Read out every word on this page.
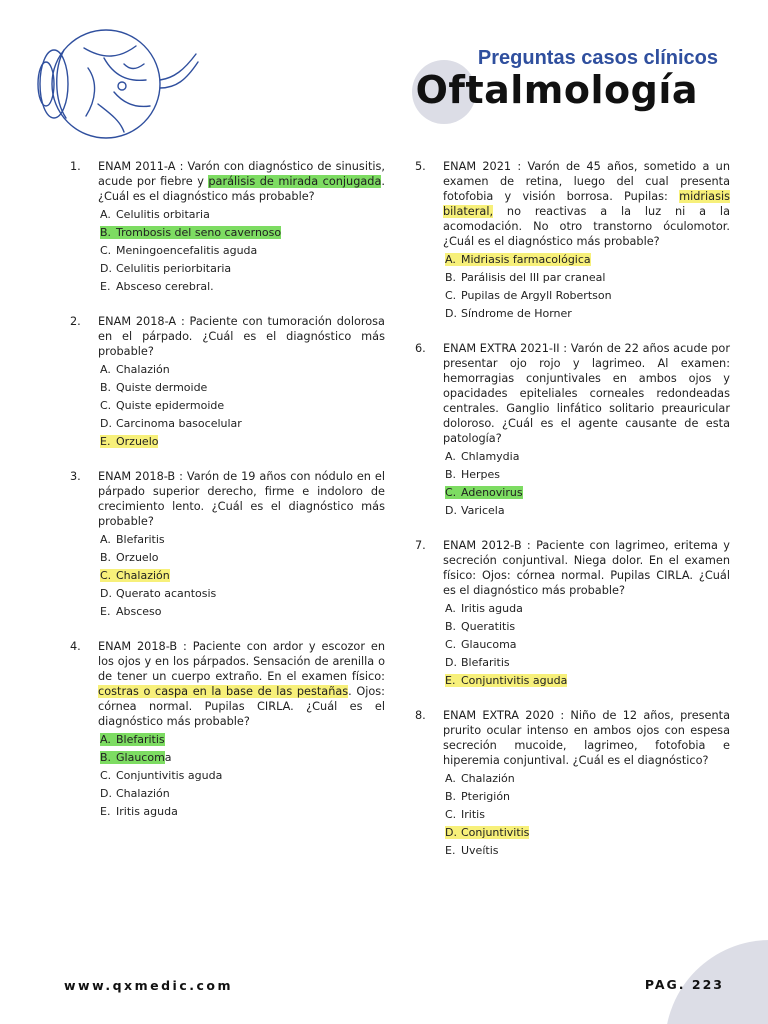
Preguntas casos clínicos
Oftalmología
1.	ENAM 2011-A : Varón con diagnóstico de sinusitis, acude por fiebre y parálisis de mirada conjugada. ¿Cuál es el diagnóstico más probable?
A. Celulitis orbitaria
B. Trombosis del seno cavernoso
C. Meningoencefalitis aguda
D. Celulitis periorbitaria
E. Absceso cerebral.
2.	ENAM 2018-A : Paciente con tumoración dolorosa en el párpado. ¿Cuál es el diagnóstico más probable?
A. Chalazión
B. Quiste dermoide
C. Quiste epidermoide
D. Carcinoma basocelular
E. Orzuelo
3.	ENAM 2018-B : Varón de 19 años con nódulo en el párpado superior derecho, firme e indoloro de crecimiento lento. ¿Cuál es el diagnóstico más probable?
A. Blefaritis
B. Orzuelo
C. Chalazión
D. Querato acantosis
E. Absceso
4.	ENAM 2018-B : Paciente con ardor y escozor en los ojos y en los párpados. Sensación de arenilla o de tener un cuerpo extraño. En el examen físico: costras o caspa en la base de las pestañas. Ojos: córnea normal. Pupilas CIRLA. ¿Cuál es el diagnóstico más probable?
A. Blefaritis
B. Glaucoma
C. Conjuntivitis aguda
D. Chalazión
E. Iritis aguda
5.	ENAM 2021 : Varón de 45 años, sometido a un examen de retina, luego del cual presenta fotofobia y visión borrosa. Pupilas: midriasis bilateral, no reactivas a la luz ni a la acomodación. No otro transtorno óculomotor. ¿Cuál es el diagnóstico más probable?
A. Midriasis farmacológica
B. Parálisis del III par craneal
C. Pupilas de Argyll Robertson
D. Síndrome de Horner
6.	ENAM EXTRA 2021-II : Varón de 22 años acude por presentar ojo rojo y lagrimeo. Al examen: hemorragias conjuntivales en ambos ojos y opacidades epiteliales corneales redondeadas centrales. Ganglio linfático solitario preauricular doloroso. ¿Cuál es el agente causante de esta patología?
A. Chlamydia
B. Herpes
C. Adenovirus
D. Varicela
7.	ENAM 2012-B : Paciente con lagrimeo, eritema y secreción conjuntival. Niega dolor. En el examen físico: Ojos: córnea normal. Pupilas CIRLA. ¿Cuál es el diagnóstico más probable?
A. Iritis aguda
B. Queratitis
C. Glaucoma
D. Blefaritis
E. Conjuntivitis aguda
8.	ENAM EXTRA 2020 : Niño de 12 años, presenta prurito ocular intenso en ambos ojos con espesa secreción mucoide, lagrimeo, fotofobia e hiperemia conjuntival. ¿Cuál es el diagnóstico?
A. Chalazión
B. Pterigión
C. Iritis
D. Conjuntivitis
E. Uveítis
www.qxmedic.com	PAG. 223
